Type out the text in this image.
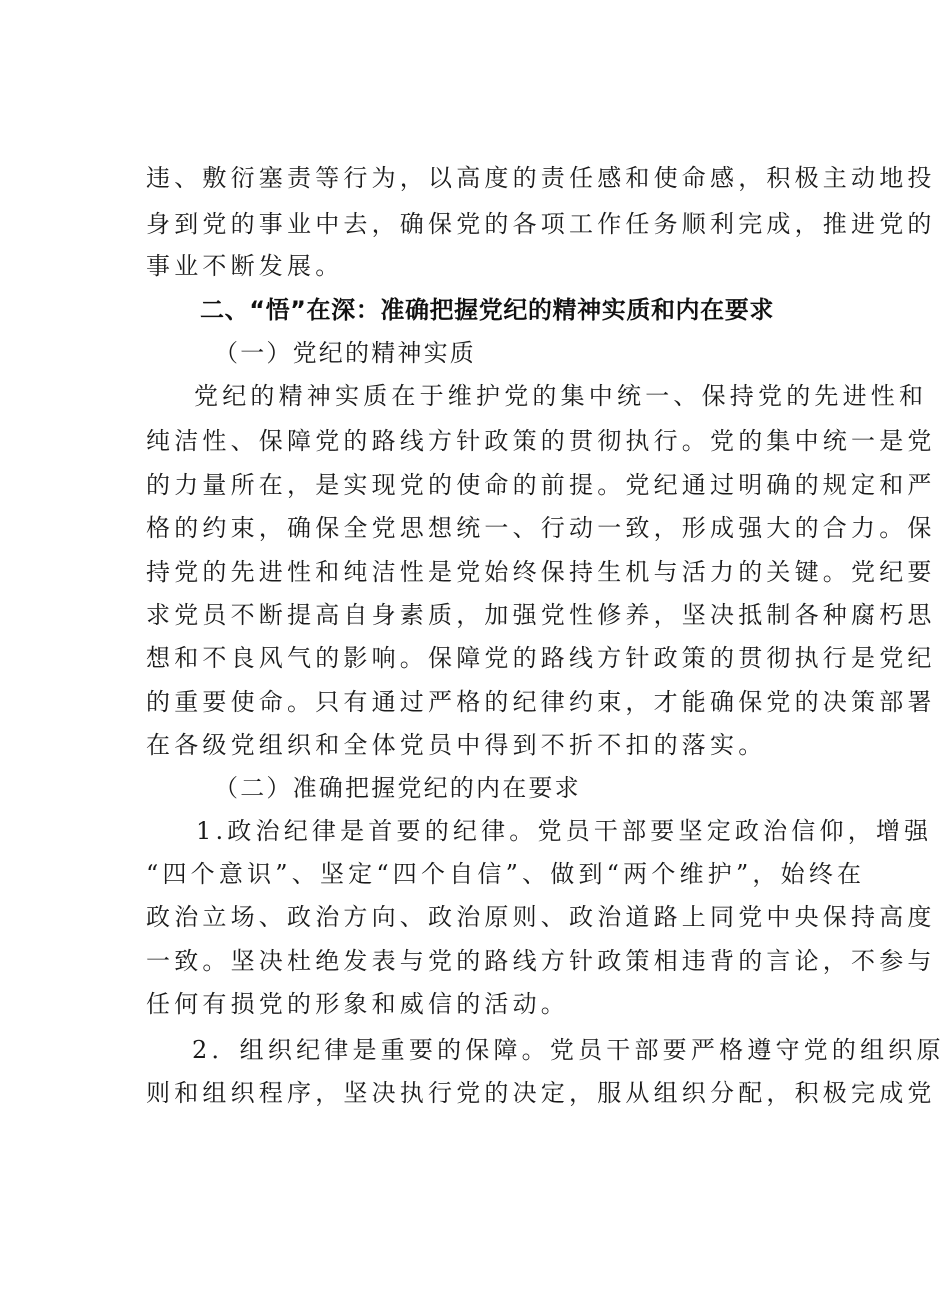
违、敷衍塞责等行为，以高度的责任感和使命感，积极主动地投
身到党的事业中去，确保党的各项工作任务顺利完成，推进党的
事业不断发展。
二、“悟”在深：准确把握党纪的精神实质和内在要求
（一）党纪的精神实质
党纪的精神实质在于维护党的集中统一、保持党的先进性和
纯洁性、保障党的路线方针政策的贯彻执行。党的集中统一是党
的力量所在，是实现党的使命的前提。党纪通过明确的规定和严
格的约束，确保全党思想统一、行动一致，形成强大的合力。保
持党的先进性和纯洁性是党始终保持生机与活力的关键。党纪要
求党员不断提高自身素质，加强党性修养，坚决抵制各种腐朽思
想和不良风气的影响。保障党的路线方针政策的贯彻执行是党纪
的重要使命。只有通过严格的纪律约束，才能确保党的决策部署
在各级党组织和全体党员中得到不折不扣的落实。
（二）准确把握党纪的内在要求
1.政治纪律是首要的纪律。党员干部要坚定政治信仰，增强
“四个意识”、坚定“四个自信”、做到“两个维护”，始终在
政治立场、政治方向、政治原则、政治道路上同党中央保持高度
一致。坚决杜绝发表与党的路线方针政策相违背的言论，不参与
任何有损党的形象和威信的活动。
2．组织纪律是重要的保障。党员干部要严格遵守党的组织原
则和组织程序，坚决执行党的决定，服从组织分配，积极完成党
